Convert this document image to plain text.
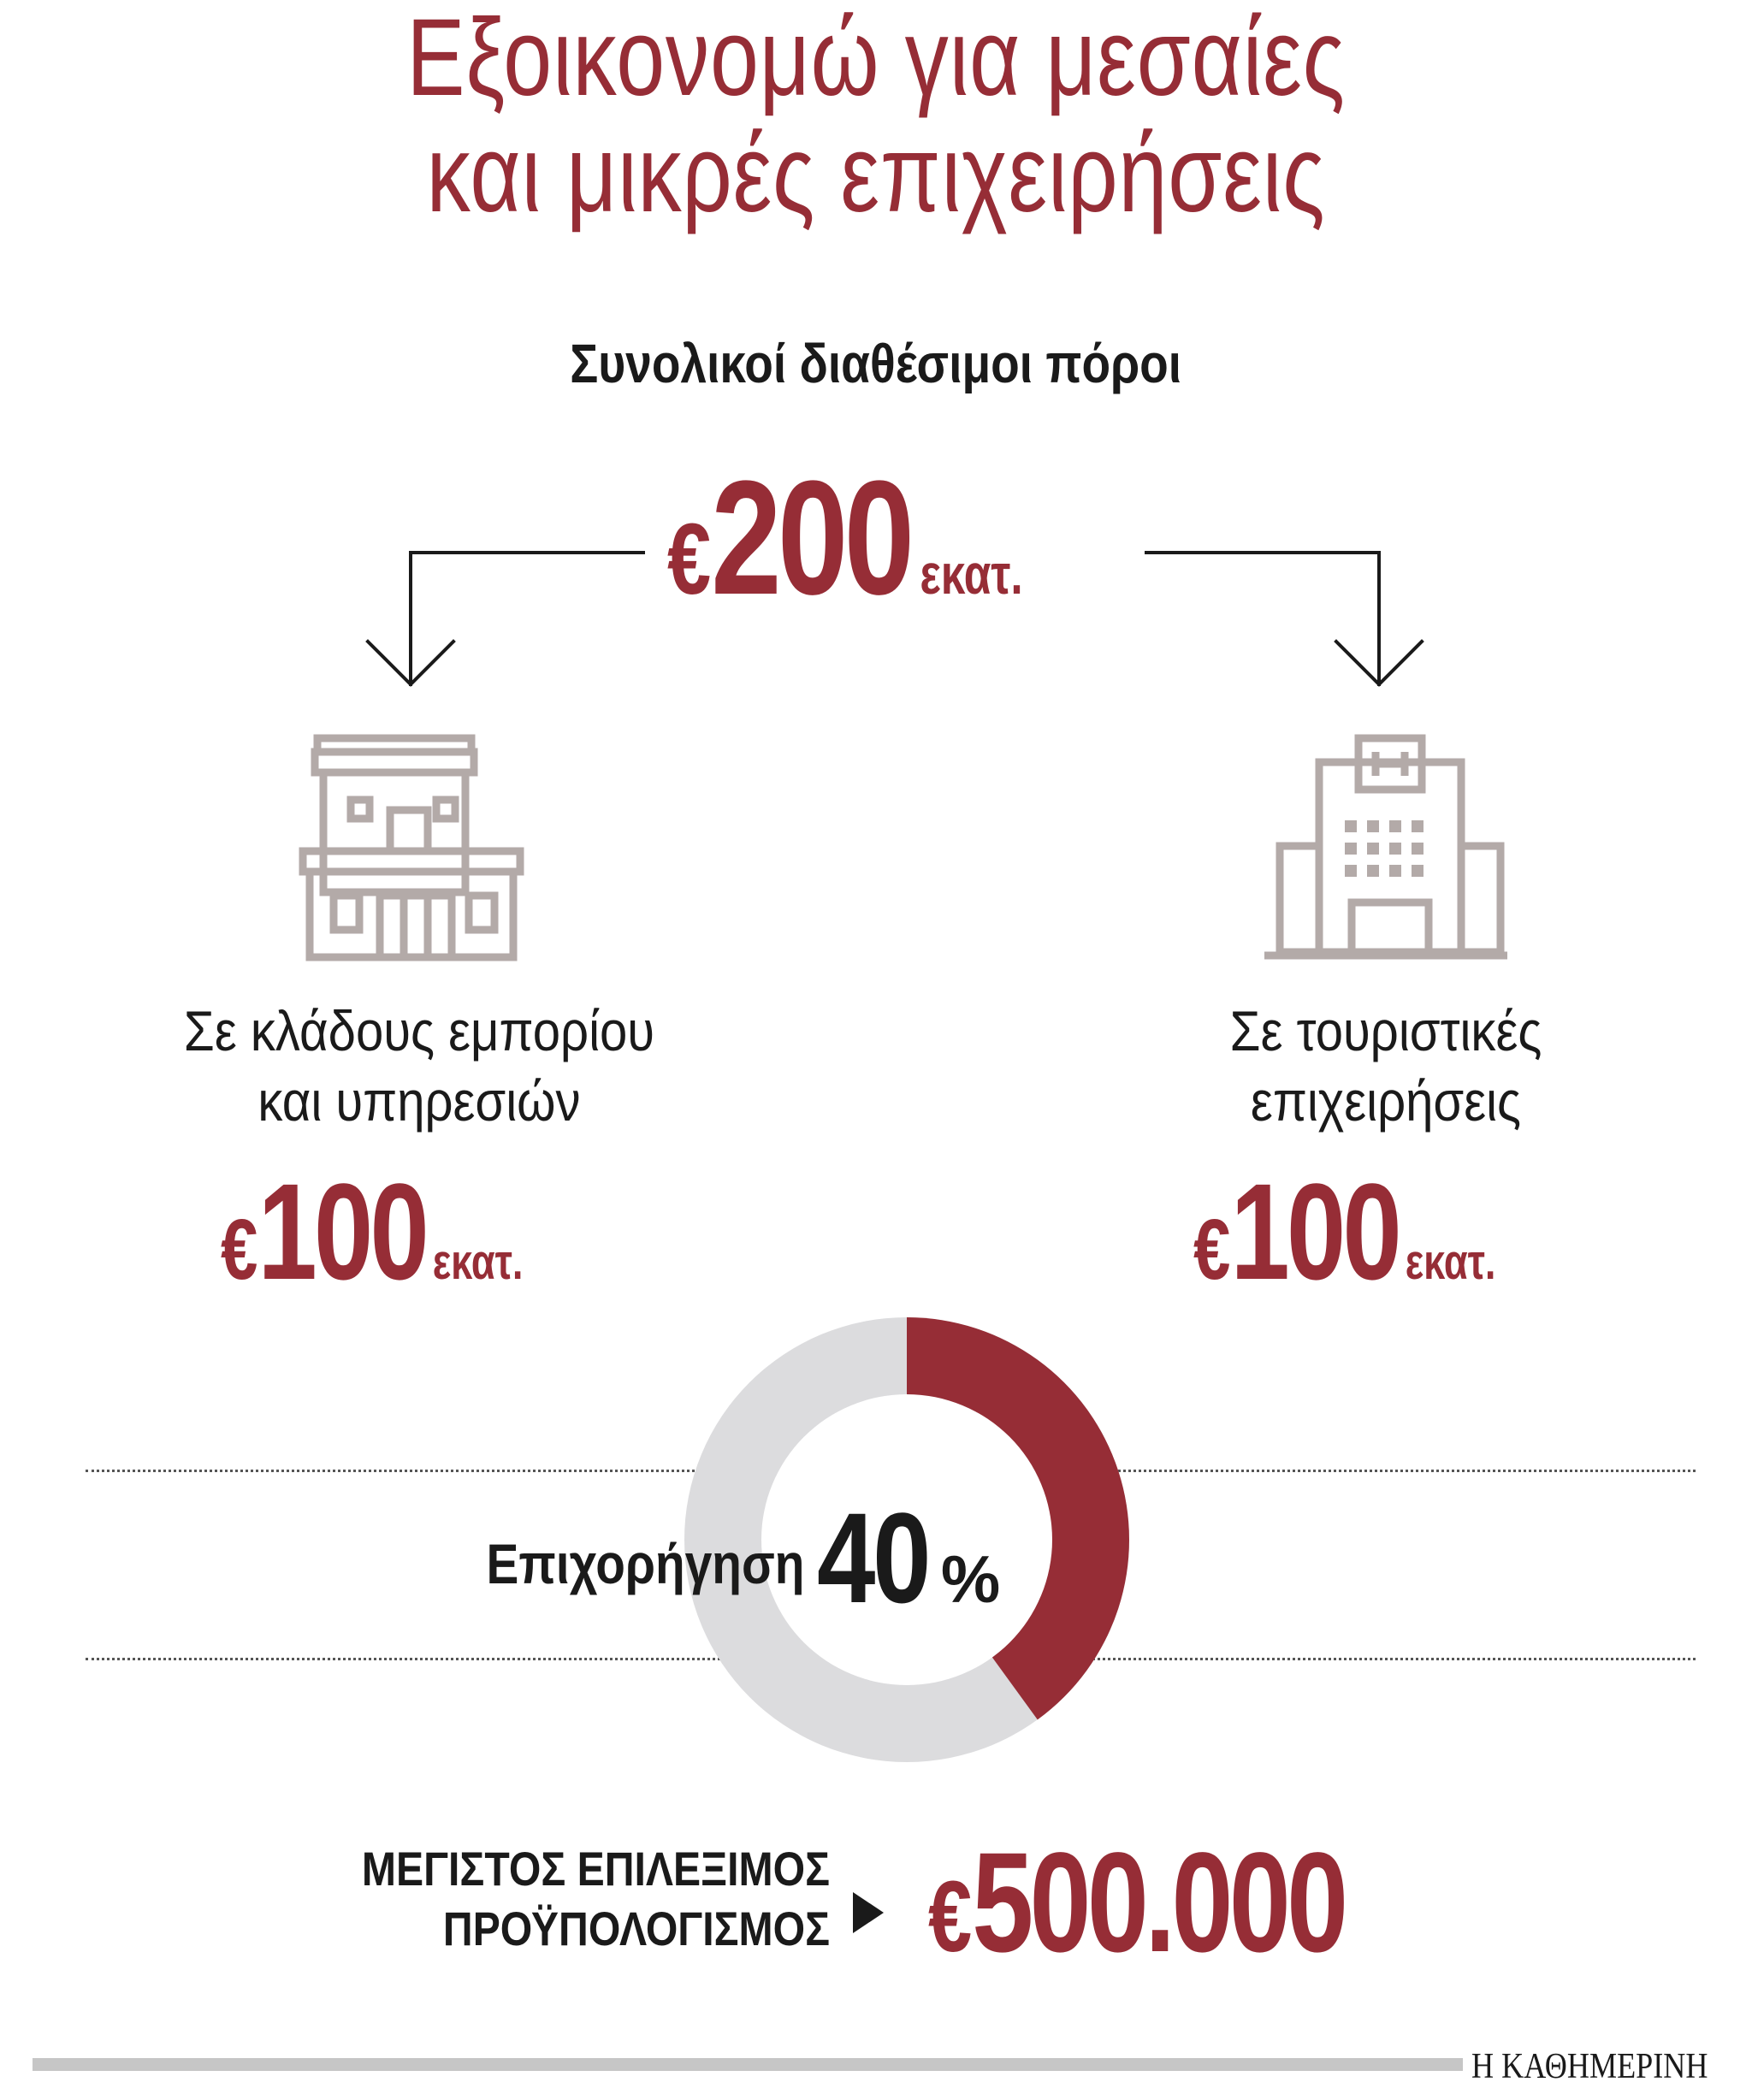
Εξοικονομώ για μεσαίες
και μικρές επιχειρήσεις
Συνολικοί διαθέσιμοι πόροι
€200 εκατ.
Σε κλάδους εμπορίου
και υπηρεσιών
Σε τουριστικές
επιχειρήσεις
€100 εκατ.	€100 εκατ.
Επιχορήγηση 40 %
ΜΕΓΙΣΤΟΣ ΕΠΙΛΕΞΙΜΟΣ
ΠΡΟΫΠΟΛΟΓΙΣΜΟΣ €500.000
Η ΚΑΘΗΜΕΡΙΝΗ
